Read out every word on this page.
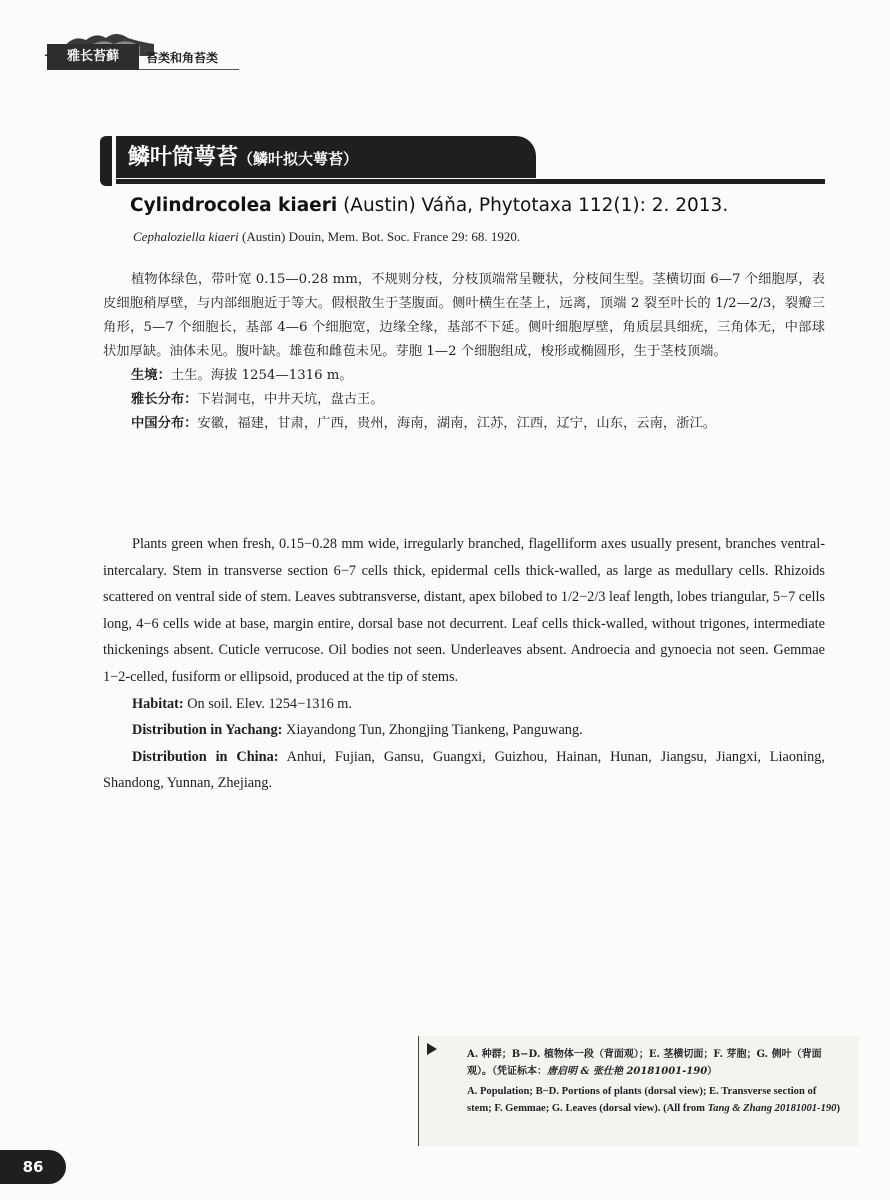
雅长苔藓	苔类和角苔类
鳞叶筒萼苔（鳞叶拟大萼苔）
Cylindrocolea kiaeri (Austin) Váňa, Phytotaxa 112(1): 2. 2013.
Cephaloziella kiaeri (Austin) Douin, Mem. Bot. Soc. France 29: 68. 1920.

植物体绿色，带叶宽 0.15—0.28 mm，不规则分枝，分枝顶端常呈鞭状，分枝间生型。茎横切面 6—7 个细胞厚，表皮细胞稍厚壁，与内部细胞近于等大。假根散生于茎腹面。侧叶横生在茎上，远离，顶端 2 裂至叶长的 1/2—2/3，裂瓣三角形，5—7 个细胞长，基部 4—6 个细胞宽，边缘全缘，基部不下延。侧叶细胞厚壁，角质层具细疣，三角体无，中部球状加厚缺。油体未见。腹叶缺。雄苞和雌苞未见。芽胞 1—2 个细胞组成，梭形或椭圆形，生于茎枝顶端。

生境：土生。海拔 1254—1316 m。

雅长分布：下岩洞屯，中井天坑，盘古王。

中国分布：安徽，福建，甘肃，广西，贵州，海南，湖南，江苏，江西，辽宁，山东，云南，浙江。

Plants green when fresh, 0.15−0.28 mm wide, irregularly branched, flagelliform axes usually present, branches ventral-intercalary. Stem in transverse section 6−7 cells thick, epidermal cells thick-walled, as large as medullary cells. Rhizoids scattered on ventral side of stem. Leaves subtransverse, distant, apex bilobed to 1/2−2/3 leaf length, lobes triangular, 5−7 cells long, 4−6 cells wide at base, margin entire, dorsal base not decurrent. Leaf cells thick-walled, without trigones, intermediate thickenings absent. Cuticle verrucose. Oil bodies not seen. Underleaves absent. Androecia and gynoecia not seen. Gemmae 1−2-celled, fusiform or ellipsoid, produced at the tip of stems.

Habitat: On soil. Elev. 1254−1316 m.

Distribution in Yachang: Xiayandong Tun, Zhongjing Tiankeng, Panguwang.

Distribution in China: Anhui, Fujian, Gansu, Guangxi, Guizhou, Hainan, Hunan, Jiangsu, Jiangxi, Liaoning, Shandong, Yunnan, Zhejiang.

A. 种群；B−D. 植物体一段（背面观）；E. 茎横切面；F. 芽胞；G. 侧叶（背面观）。（凭证标本：唐启明 & 张仕艳 20181001-190）
A. Population; B−D. Portions of plants (dorsal view); E. Transverse section of stem; F. Gemmae; G. Leaves (dorsal view). (All from Tang & Zhang 20181001-190)
86
